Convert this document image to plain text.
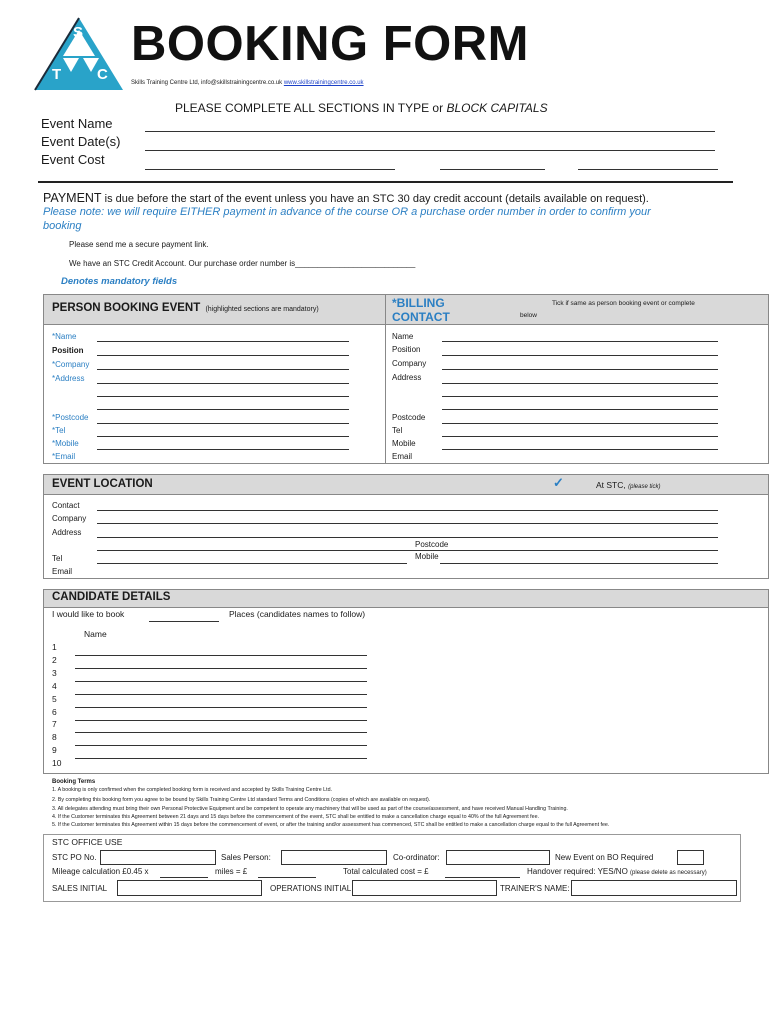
S
T C
BOOKING FORM
Skills Training Centre Ltd, info@skillstrainingcentre.co.uk www.skillstrainingcentre.co.uk
PLEASE COMPLETE ALL SECTIONS IN TYPE or BLOCK CAPITALS
Event Name
Event Date(s)
Event Cost
PAYMENT is due before the start of the event unless you have an STC 30 day credit account (details available on request).
Please note: we will require EITHER payment in advance of the course OR a purchase order number in order to confirm your
booking
Please send me a secure payment link.
We have an STC Credit Account. Our purchase order number is___________________________
Denotes mandatory fields
PERSON BOOKING EVENT (highlighted sections are mandatory)	*BILLING
CONTACT
Tick if same as person booking event or complete
below
*Name
Position
*Company
*Address
*Postcode
*Tel
*Mobile
*Email
Name
Position
Company
Address
Postcode
Tel
Mobile
Email
EVENT LOCATION	✓	At STC, (please tick)
Contact
Company
Address
Postcode
Mobile
Tel
Email
CANDIDATE DETAILS
I would like to book	Places (candidates names to follow)
Name
1
2
3
4
5
6
7
8
9
10
Booking Terms
1. A booking is only confirmed when the completed booking form is received and accepted by Skills Training Centre Ltd.
2. By completing this booking form you agree to be bound by Skills Training Centre Ltd standard Terms and Conditions (copies of which are available on request).
3. All delegates attending must bring their own Personal Protective Equipment and be competent to operate any machinery that will be used as part of the course/assessment, and have received Manual Handling Training.
4. If the Customer terminates this Agreement between 21 days and 15 days before the commencement of the event, STC shall be entitled to make a cancellation charge equal to 40% of the full Agreement fee.
5. If the Customer terminates this Agreement within 15 days before the commencement of event, or after the training and/or assessment has commenced, STC shall be entitled to make a cancellation charge equal to the full Agreement fee.
STC OFFICE USE
STC PO No.	Sales Person:	Co-ordinator:	New Event on BO Required
Mileage calculation £0.45 x	miles = £	Total calculated cost = £	Handover required: YES/NO (please delete as necessary)
SALES INITIAL	OPERATIONS INITIAL	TRAINER'S NAME:
